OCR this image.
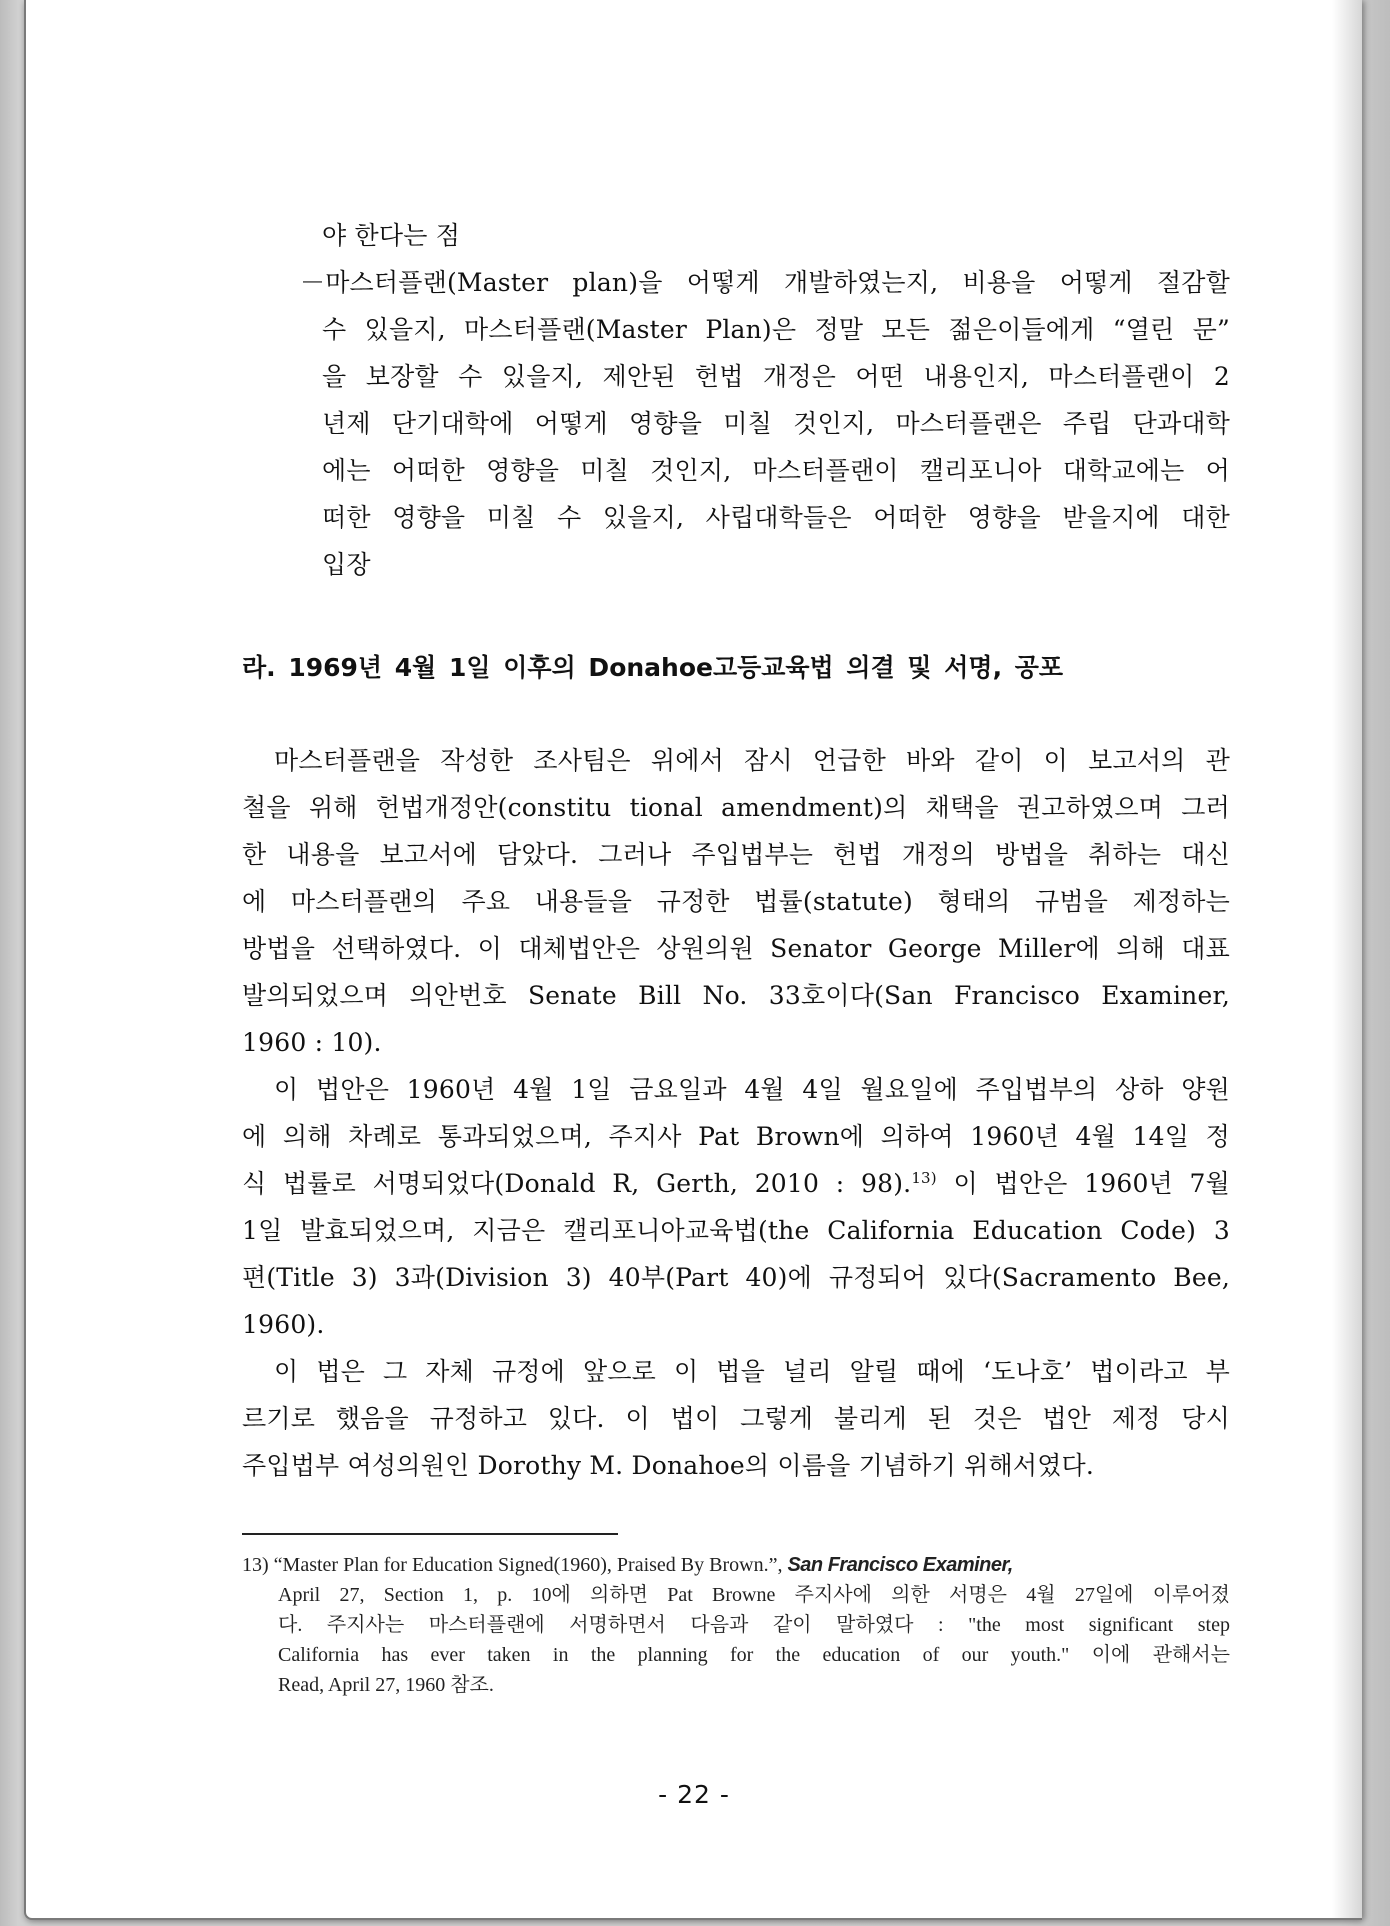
야 한다는 점
－마스터플랜(Master plan)을 어떻게 개발하였는지, 비용을 어떻게 절감할
수 있을지, 마스터플랜(Master Plan)은 정말 모든 젊은이들에게 “열린 문”
을 보장할 수 있을지, 제안된 헌법 개정은 어떤 내용인지, 마스터플랜이 2
년제 단기대학에 어떻게 영향을 미칠 것인지, 마스터플랜은 주립 단과대학
에는 어떠한 영향을 미칠 것인지, 마스터플랜이 캘리포니아 대학교에는 어
떠한 영향을 미칠 수 있을지, 사립대학들은 어떠한 영향을 받을지에 대한
입장
라. 1969년 4월 1일 이후의 Donahoe고등교육법 의결 및 서명, 공포
마스터플랜을 작성한 조사팀은 위에서 잠시 언급한 바와 같이 이 보고서의 관
철을 위해 헌법개정안(constitu tional amendment)의 채택을 권고하였으며 그러
한 내용을 보고서에 담았다. 그러나 주입법부는 헌법 개정의 방법을 취하는 대신
에 마스터플랜의 주요 내용들을 규정한 법률(statute) 형태의 규범을 제정하는
방법을 선택하였다. 이 대체법안은 상원의원 Senator George Miller에 의해 대표
발의되었으며 의안번호 Senate Bill No. 33호이다(San Francisco Examiner,
1960 : 10).
이 법안은 1960년 4월 1일 금요일과 4월 4일 월요일에 주입법부의 상하 양원
에 의해 차례로 통과되었으며, 주지사 Pat Brown에 의하여 1960년 4월 14일 정
식 법률로 서명되었다(Donald R, Gerth, 2010 : 98).$^{13)}$ 이 법안은 1960년 7월
1일 발효되었으며, 지금은 캘리포니아교육법(the California Education Code) 3
편(Title 3) 3과(Division 3) 40부(Part 40)에 규정되어 있다(Sacramento Bee,
1960).
이 법은 그 자체 규정에 앞으로 이 법을 널리 알릴 때에 ‘도나호’ 법이라고 부
르기로 했음을 규정하고 있다. 이 법이 그렇게 불리게 된 것은 법안 제정 당시
주입법부 여성의원인 Dorothy M. Donahoe의 이름을 기념하기 위해서였다.
13) “Master Plan for Education Signed(1960), Praised By Brown.”, San Francisco Examiner,
April 27, Section 1, p. 10에 의하면 Pat Browne 주지사에 의한 서명은 4월 27일에 이루어졌
다. 주지사는 마스터플랜에 서명하면서 다음과 같이 말하였다 : "the most significant step
California has ever taken in the planning for the education of our youth." 이에 관해서는
Read, April 27, 1960 참조.
- 22 -
